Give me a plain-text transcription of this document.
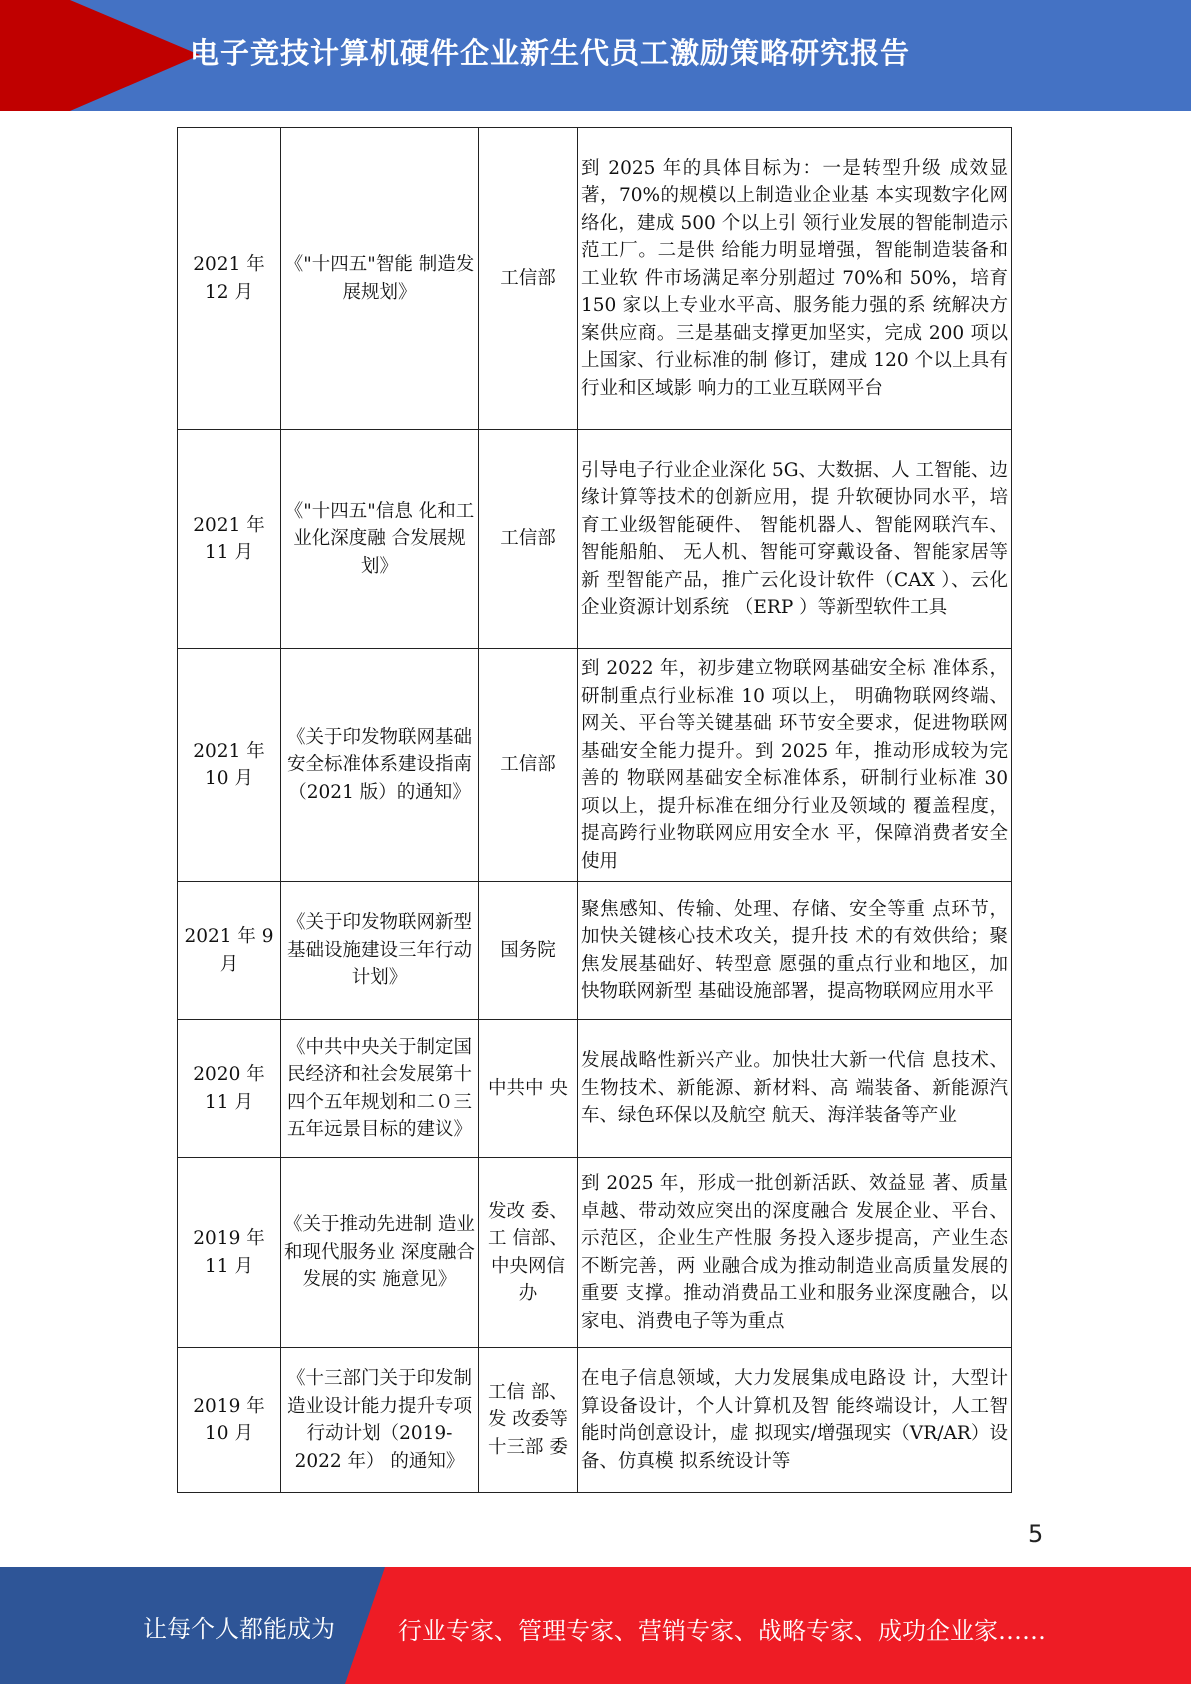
电子竞技计算机硬件企业新生代员工激励策略研究报告
2021 年 12 月	《"十四五"智能 制造发展规划》	工信部	到 2025 年的具体目标为：一是转型升级 成效显著，70%的规模以上制造业企业基 本实现数字化网络化，建成 500 个以上引 领行业发展的智能制造示范工厂。二是供 给能力明显增强，智能制造装备和工业软 件市场满足率分别超过 70%和 50%，培育 150 家以上专业水平高、服务能力强的系 统解决方案供应商。三是基础支撑更加坚实，完成 200 项以上国家、行业标准的制 修订，建成 120 个以上具有行业和区域影 响力的工业互联网平台
2021 年 11 月	《"十四五"信息 化和工业化深度融 合发展规划》	工信部	引导电子行业企业深化 5G、大数据、人 工智能、边缘计算等技术的创新应用，提 升软硬协同水平，培育工业级智能硬件、 智能机器人、智能网联汽车、智能船舶、 无人机、智能可穿戴设备、智能家居等新 型智能产品，推广云化设计软件（CAX ）、云化企业资源计划系统 （ERP ）等新型软件工具
2021 年 10 月	《关于印发物联网基础安全标准体系建设指南（2021 版）的通知》	工信部	到 2022 年，初步建立物联网基础安全标 准体系，研制重点行业标准 10 项以上， 明确物联网终端、网关、平台等关键基础 环节安全要求，促进物联网基础安全能力提升。到 2025 年，推动形成较为完善的 物联网基础安全标准体系，研制行业标准 30 项以上，提升标准在细分行业及领域的 覆盖程度，提高跨行业物联网应用安全水 平，保障消费者安全使用
2021 年 9 月	《关于印发物联网新型基础设施建设三年行动计划》	国务院	聚焦感知、传输、处理、存储、安全等重 点环节，加快关键核心技术攻关，提升技 术的有效供给；聚焦发展基础好、转型意 愿强的重点行业和地区，加快物联网新型 基础设施部署，提高物联网应用水平
2020 年 11 月	《中共中央关于制定国民经济和社会发展第十四个五年规划和二０三五年远景目标的建议》	中共中 央	发展战略性新兴产业。加快壮大新一代信 息技术、生物技术、新能源、新材料、高 端装备、新能源汽车、绿色环保以及航空 航天、海洋装备等产业
2019 年 11 月	《关于推动先进制 造业和现代服务业 深度融合发展的实 施意见》	发改 委、工 信部、中央网信办	到 2025 年，形成一批创新活跃、效益显 著、质量卓越、带动效应突出的深度融合 发展企业、平台、示范区，企业生产性服 务投入逐步提高，产业生态不断完善，两 业融合成为推动制造业高质量发展的重要 支撑。推动消费品工业和服务业深度融合，以家电、消费电子等为重点
2019 年 10 月	《十三部门关于印发制造业设计能力提升专项行动计划（2019-2022 年） 的通知》	工信 部、发 改委等十三部 委	在电子信息领域，大力发展集成电路设 计，大型计算设备设计，个人计算机及智 能终端设计，人工智能时尚创意设计，虚 拟现实/增强现实（VR/AR）设备、仿真模 拟系统设计等
5
让每个人都能成为	行业专家、管理专家、营销专家、战略专家、成功企业家……
